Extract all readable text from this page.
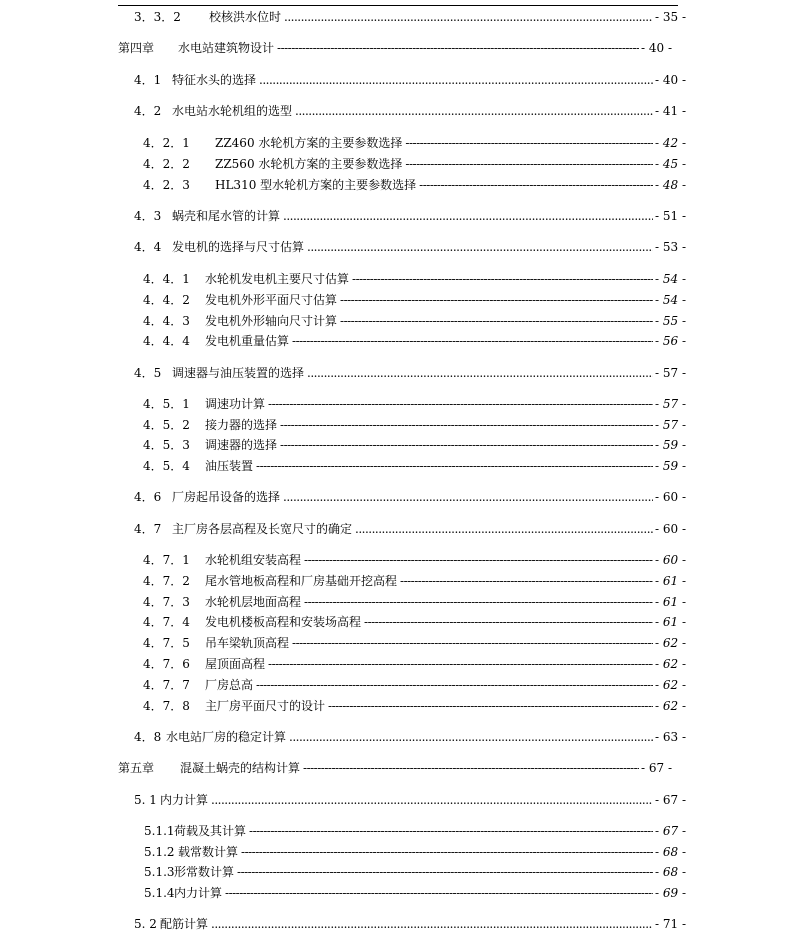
3．3．2	校核洪水位时 .....	- 35 -
第四章	水电站建筑物设计 -----	- 40 -
4．1 特征水头的选择 .....	- 40 -
4．2 水电站水轮机组的选型 .....	- 41 -
4．2．1	ZZ460 水轮机方案的主要参数选择 -----	- 42 -
4．2．2	ZZ560 水轮机方案的主要参数选择 -----	- 45 -
4．2．3	HL310 型水轮机方案的主要参数选择 -----	- 48 -
4．3 蜗壳和尾水管的计算 .....	- 51 -
4．4 发电机的选择与尺寸估算 .....	- 53 -
4．4．1	水轮机发电机主要尺寸估算 -----	- 54 -
4．4．2	发电机外形平面尺寸估算 -----	- 54 -
4．4．3	发电机外形轴向尺寸计算 -----	- 55 -
4．4．4	发电机重量估算 -----	- 56 -
4．5 调速器与油压装置的选择 .....	- 57 -
4．5．1	调速功计算 -----	- 57 -
4．5．2	接力器的选择 -----	- 57 -
4．5．3	调速器的选择 -----	- 59 -
4．5．4	油压装置 -----	- 59 -
4．6 厂房起吊设备的选择 .....	- 60 -
4．7 主厂房各层高程及长宽尺寸的确定 .....	- 60 -
4．7．1	水轮机组安装高程 -----	- 60 -
4．7．2	尾水管地板高程和厂房基础开挖高程 -----	- 61 -
4．7．3	水轮机层地面高程 -----	- 61 -
4．7．4	发电机楼板高程和安装场高程 -----	- 61 -
4．7．5	吊车梁轨顶高程 -----	- 62 -
4．7．6	屋顶面高程 -----	- 62 -
4．7．7	厂房总高 -----	- 62 -
4．7．8	主厂房平面尺寸的设计 -----	- 62 -
4．8 水电站厂房的稳定计算 .....	- 63 -
第五章	混凝土蜗壳的结构计算 -----	- 67 -
5. 1 内力计算 .....	- 67 -
5.1.1 荷载及其计算 -----	- 67 -
5.1.2 载常数计算 -----	- 68 -
5.1.3 形常数计算 -----	- 68 -
5.1.4 内力计算 -----	- 69 -
5. 2 配筋计算 .....	- 71 -
